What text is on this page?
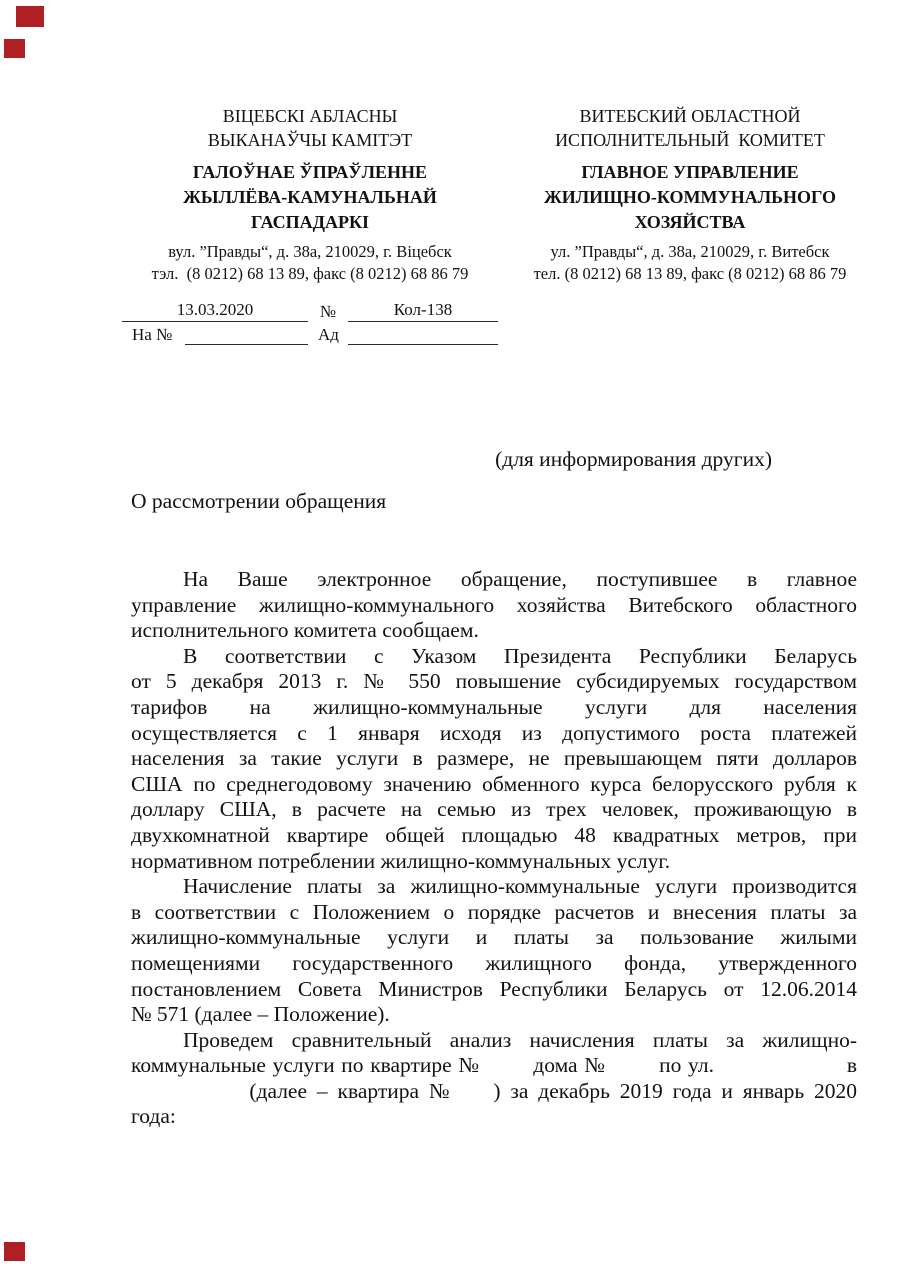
ВІЦЕБСКІ АБЛАСНЫ
ВЫКАНАЎЧЫ КАМІТЭТ
ГАЛОЎНАЕ ЎПРАЎЛЕННЕ
ЖЫЛЛЁВА-КАМУНАЛЬНАЙ
ГАСПАДАРКІ
вул. ”Правды“, д. 38а, 210029, г. Віцебск
тэл.  (8 0212) 68 13 89, факс (8 0212) 68 86 79
ВИТЕБСКИЙ ОБЛАСТНОЙ
ИСПОЛНИТЕЛЬНЫЙ  КОМИТЕТ
ГЛАВНОЕ УПРАВЛЕНИЕ
ЖИЛИЩНО-КОММУНАЛЬНОГО
ХОЗЯЙСТВА
ул. ”Правды“, д. 38а, 210029, г. Витебск
тел. (8 0212) 68 13 89, факс (8 0212) 68 86 79
13.03.2020	№	Кол-138
На №	Ад
(для информирования других)
О рассмотрении обращения
На Ваше электронное обращение, поступившее в главное
управление жилищно-коммунального хозяйства Витебского областного
исполнительного комитета сообщаем.
В соответствии с Указом Президента Республики Беларусь
от 5 декабря 2013 г. № 550 повышение субсидируемых государством
тарифов на жилищно-коммунальные услуги для населения
осуществляется с 1 января исходя из допустимого роста платежей
населения за такие услуги в размере, не превышающем пяти долларов
США по среднегодовому значению обменного курса белорусского рубля к
доллару США, в расчете на семью из трех человек, проживающую в
двухкомнатной квартире общей площадью 48 квадратных метров, при
нормативном потреблении жилищно-коммунальных услуг.
Начисление платы за жилищно-коммунальные услуги производится
в соответствии с Положением о порядке расчетов и внесения платы за
жилищно-коммунальные услуги и платы за пользование жилыми
помещениями государственного жилищного фонда, утвержденного
постановлением Совета Министров Республики Беларусь от 12.06.2014
№ 571 (далее – Положение).
Проведем сравнительный анализ начисления платы за жилищно-
коммунальные услуги по квартире №        дома №        по ул.                    в
(далее – квартира №    ) за декабрь 2019 года и январь 2020
года:
